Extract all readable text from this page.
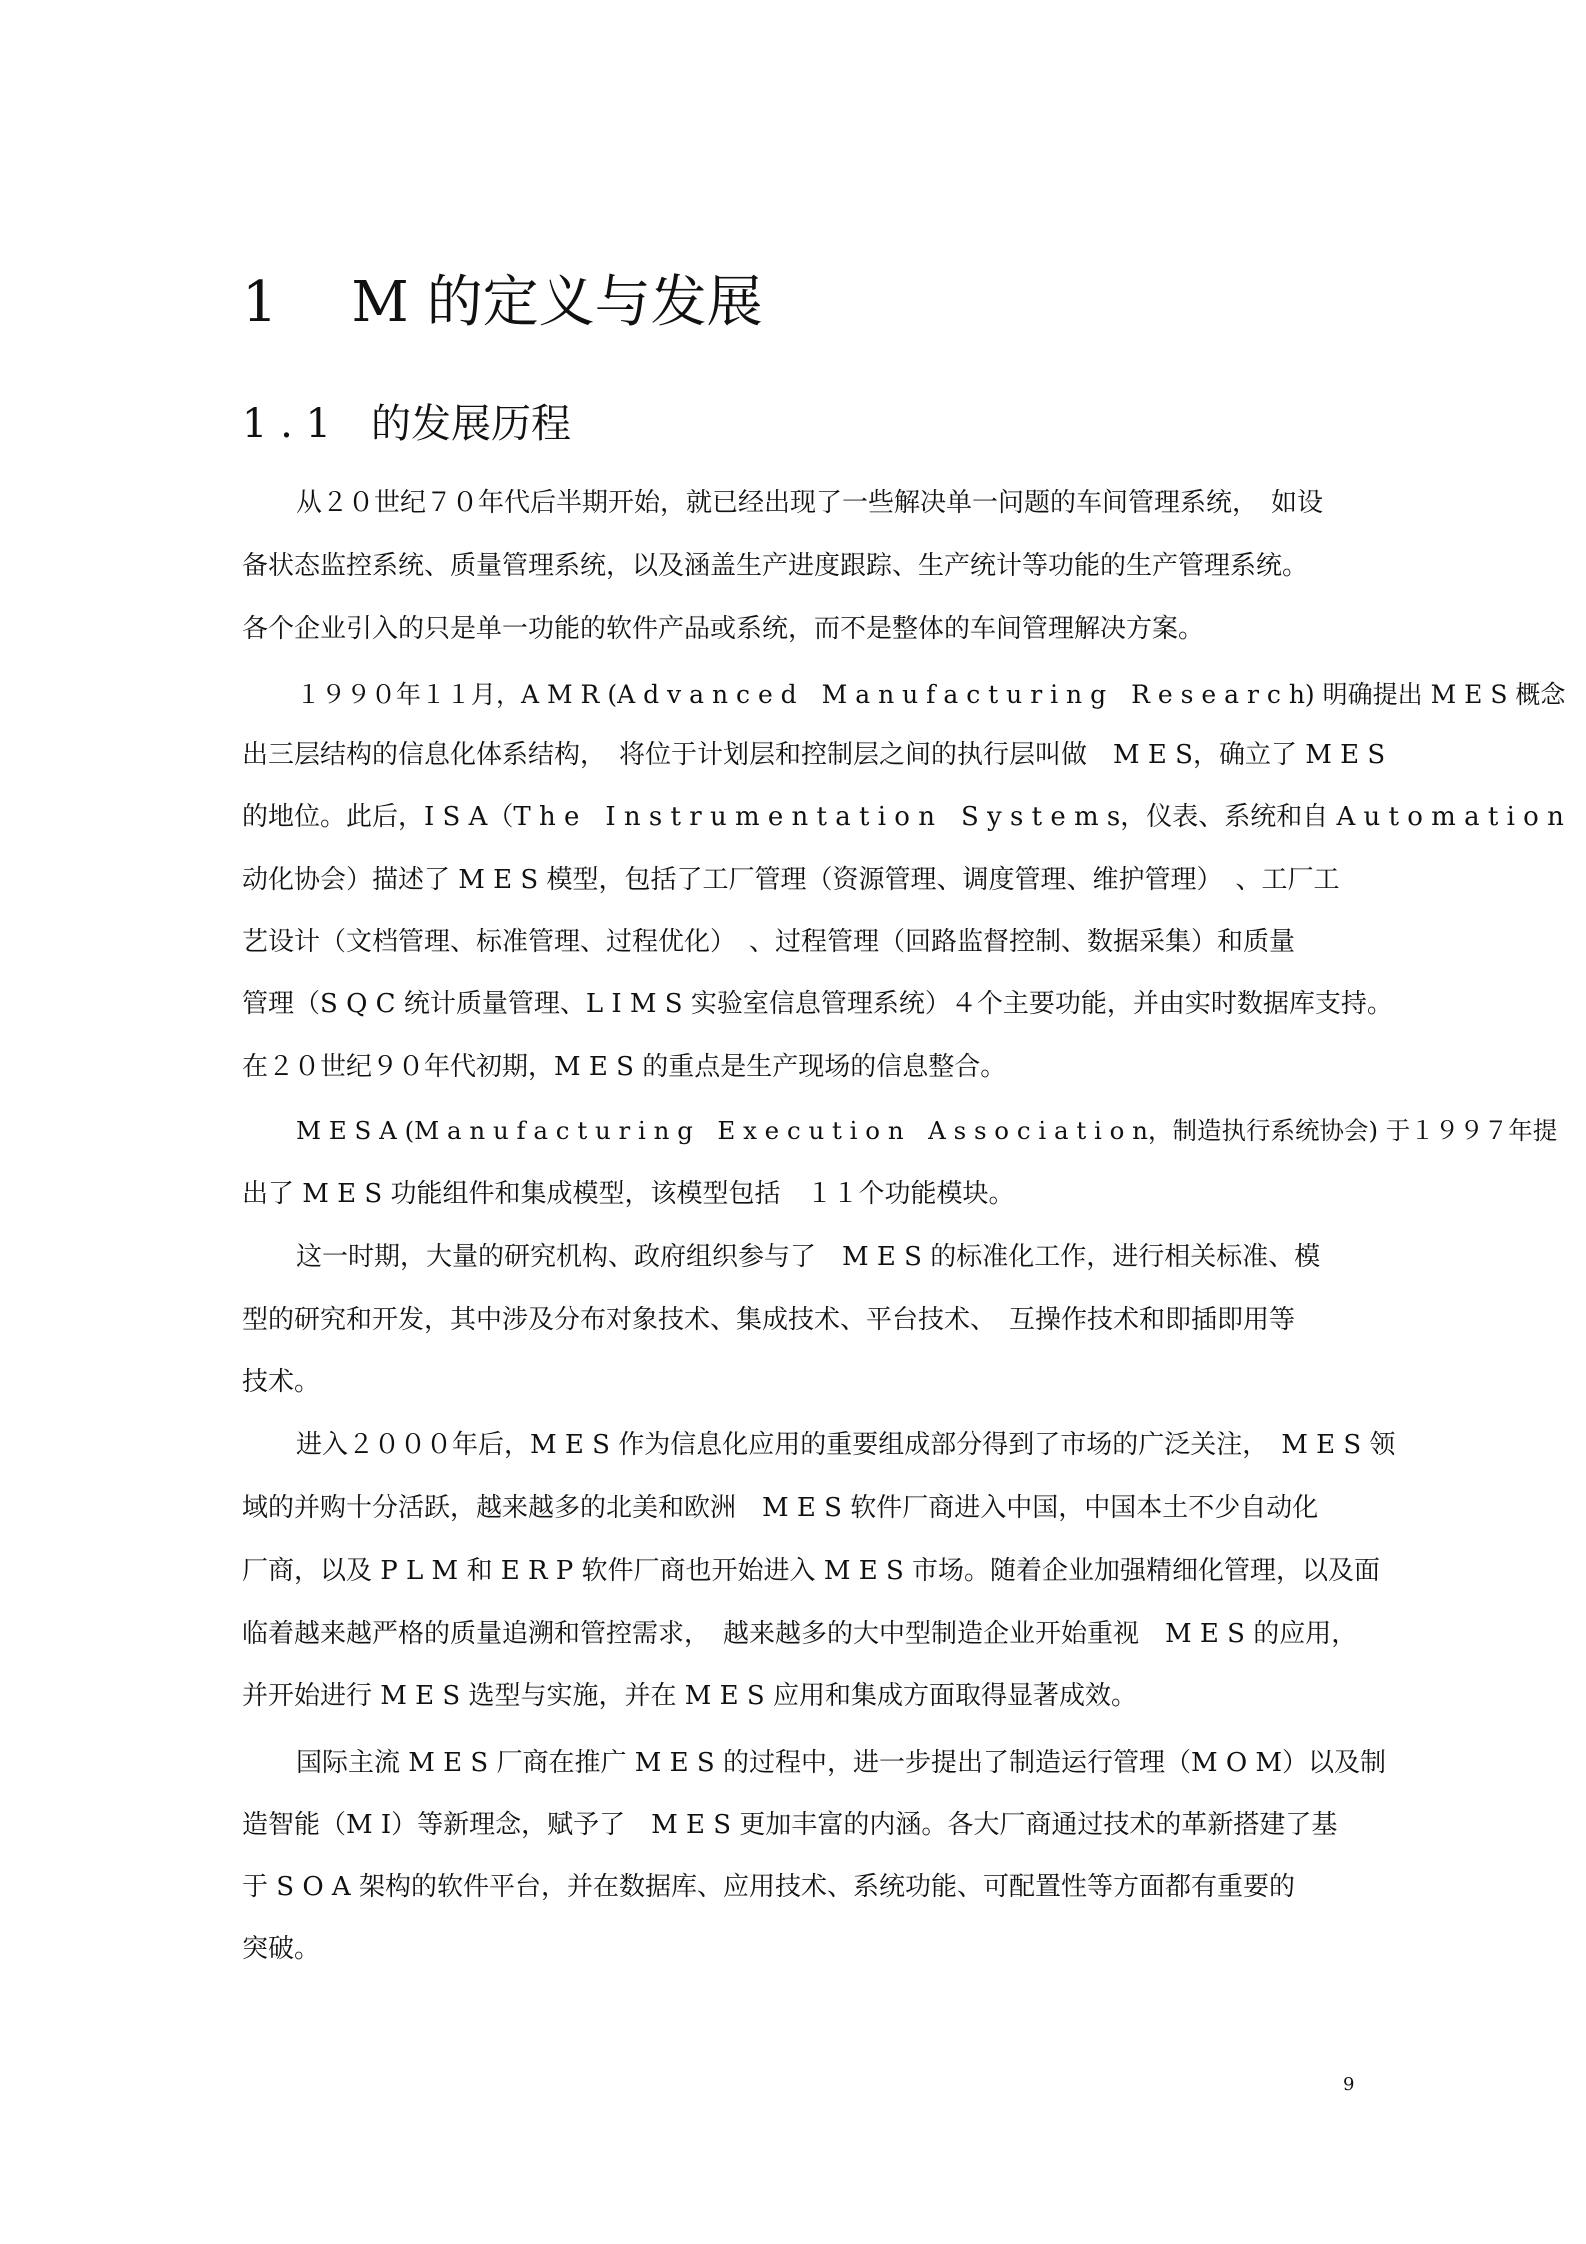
1　 M 的定义与发展
1 . 1　的发展历程
从２０世纪７０年代后半期开始，就已经出现了一些解决单一问题的车间管理系统，　如设
备状态监控系统、质量管理系统，以及涵盖生产进度跟踪、生产统计等功能的生产管理系统。
各个企业引入的只是单一功能的软件产品或系统，而不是整体的车间管理解决方案。
１９９０年１１月，A M R (A d v a n c e d　M a n u f a c t u r i n g　R e s e a r c h) 明确提出 M E S 概念
出三层结构的信息化体系结构，　将位于计划层和控制层之间的执行层叫做　M E S，确立了 M E S
的地位。此后，I S A（T h e　I n s t r u m e n t a t i o n　S y s t e m s，仪表、系统和自 A u t o m a t i o n
动化协会）描述了 M E S 模型，包括了工厂管理（资源管理、调度管理、维护管理）　、工厂工
艺设计（文档管理、标准管理、过程优化）　、过程管理（回路监督控制、数据采集）和质量
管理（S Q C 统计质量管理、L I M S 实验室信息管理系统）４个主要功能，并由实时数据库支持。
在２０世纪９０年代初期，M E S 的重点是生产现场的信息整合。
M E S A (M a n u f a c t u r i n g　E x e c u t i o n　A s s o c i a t i o n，制造执行系统协会) 于１９９７年提
出了 M E S 功能组件和集成模型，该模型包括　１１个功能模块。
这一时期，大量的研究机构、政府组织参与了　M E S 的标准化工作，进行相关标准、模
型的研究和开发，其中涉及分布对象技术、集成技术、平台技术、　互操作技术和即插即用等
技术。
进入２０００年后，M E S 作为信息化应用的重要组成部分得到了市场的广泛关注，　M E S 领
域的并购十分活跃，越来越多的北美和欧洲　M E S 软件厂商进入中国，中国本土不少自动化
厂商，以及 P L M 和 E R P 软件厂商也开始进入 M E S 市场。随着企业加强精细化管理，以及面
临着越来越严格的质量追溯和管控需求，　越来越多的大中型制造企业开始重视　M E S 的应用，
并开始进行 M E S 选型与实施，并在 M E S 应用和集成方面取得显著成效。
国际主流 M E S 厂商在推广 M E S 的过程中，进一步提出了制造运行管理（M O M）以及制
造智能（M I）等新理念，赋予了　M E S 更加丰富的内涵。各大厂商通过技术的革新搭建了基
于 S O A 架构的软件平台，并在数据库、应用技术、系统功能、可配置性等方面都有重要的
突破。
9
